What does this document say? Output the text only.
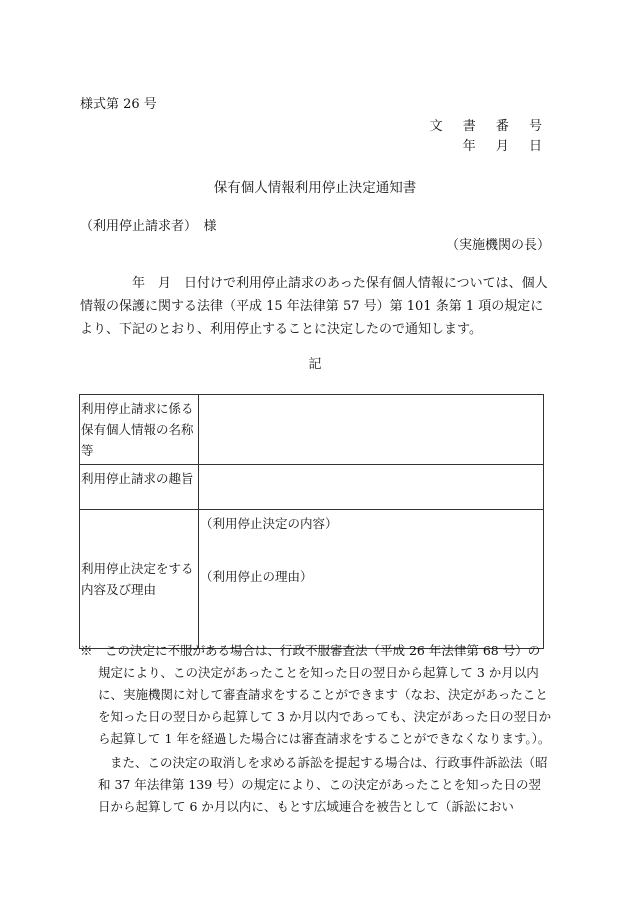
様式第 26 号
文 書 番 号
年 月 日
保有個人情報利用停止決定通知書
（利用停止請求者）　様
（実施機関の長）
　　　　年　月　日付けで利用停止請求のあった保有個人情報については、個人情報の保護に関する法律（平成 15 年法律第 57 号）第 101 条第 1 項の規定により、下記のとおり、利用停止することに決定したので通知します。
記
利用停止請求に係る保有個人情報の名称等	
利用停止請求の趣旨	
利用停止決定をする内容及び理由	（利用停止決定の内容）
（利用停止の理由）
※　この決定に不服がある場合は、行政不服審査法（平成 26 年法律第 68 号）の規定により、この決定があったことを知った日の翌日から起算して 3 か月以内に、実施機関に対して審査請求をすることができます（なお、決定があったことを知った日の翌日から起算して 3 か月以内であっても、決定があった日の翌日から起算して 1 年を経過した場合には審査請求をすることができなくなります。）。
また、この決定の取消しを求める訴訟を提起する場合は、行政事件訴訟法（昭和 37 年法律第 139 号）の規定により、この決定があったことを知った日の翌日から起算して 6 か月以内に、もとす広域連合を被告として（訴訟におい
